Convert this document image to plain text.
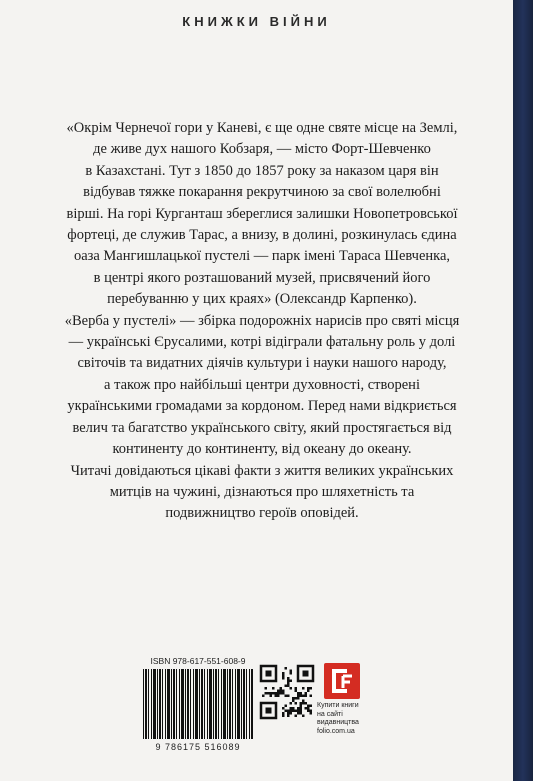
КНИЖКИ ВІЙНИ

«Окрім Чернечої гори у Каневі, є ще одне святе місце на Землі,

де живе дух нашого Кобзаря, — місто Форт-Шевченко

в Казахстані. Тут з 1850 до 1857 року за наказом царя він

відбував тяжке покарання рекрутчиною за свої волелюбні

вірші. На горі Курганташ збереглися залишки Новопетровської

фортеці, де служив Тарас, а внизу, в долині, розкинулась єдина

оаза Мангишлацької пустелі — парк імені Тараса Шевченка,

в центрі якого розташований музей, присвячений його

перебуванню у цих краях» (Олександр Карпенко).

«Верба у пустелі» — збірка подорожніх нарисів про святі місця

— українські Єрусалими, котрі відіграли фатальну роль у долі

світочів та видатних діячів культури і науки нашого народу,

а також про найбільші центри духовності, створені

українськими громадами за кордоном. Перед нами відкриється

велич та багатство українського світу, який простягається від

континенту до континенту, від океану до океану.

Читачі довідаються цікаві факти з життя великих українських

митців на чужині, дізнаються про шляхетність та

подвижництво героїв оповідей.

ISBN 978-617-551-608-9
9 786175 516089

Купити книги

на сайті

видавництва

folio.com.ua
